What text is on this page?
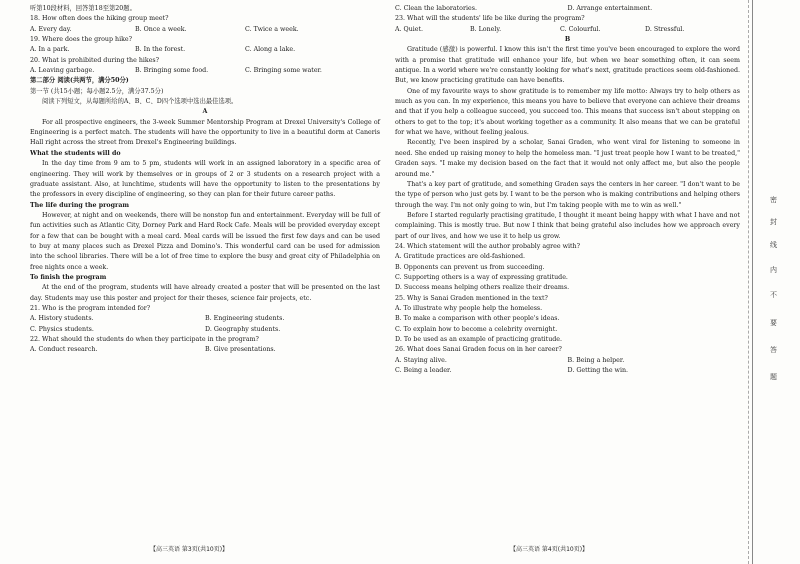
听第10段材料，回答第18至第20题。
18. How often does the hiking group meet?
A. Every day.	B. Once a week.	C. Twice a week.
19. Where does the group hike?
A. In a park.	B. In the forest.	C. Along a lake.
20. What is prohibited during the hikes?
A. Leaving garbage.	B. Bringing some food.	C. Bringing some water.
第二部分 阅读(共两节，满分50分)
第一节 (共15小题；每小题2.5分，满分37.5分)
阅读下列短文，从每题所给的A、B、C、D四个选项中选出最佳选项。
A
For all prospective engineers, the 3-week Summer Mentorship Program at Drexel University's College of Engineering is a perfect match. The students will have the opportunity to live in a beautiful dorm at Caneris Hall right across the street from Drexel's Engineering buildings.
What the students will do
In the day time from 9 am to 5 pm, students will work in an assigned laboratory in a specific area of engineering. They will work by themselves or in groups of 2 or 3 students on a research project with a graduate assistant. Also, at lunchtime, students will have the opportunity to listen to the presentations by the professors in every discipline of engineering, so they can plan for their future career paths.
The life during the program
However, at night and on weekends, there will be nonstop fun and entertainment. Everyday will be full of fun activities such as Atlantic City, Dorney Park and Hard Rock Cafe. Meals will be provided everyday except for a few that can be bought with a meal card. Meal cards will be issued the first few days and can be used to buy at many places such as Drexel Pizza and Domino's. This wonderful card can be used for admission into the school libraries. There will be a lot of free time to explore the busy and great city of Philadelphia on free nights once a week.
To finish the program
At the end of the program, students will have already created a poster that will be presented on the last day. Students may use this poster and project for their theses, science fair projects, etc.
21. Who is the program intended for?
A. History students.	B. Engineering students.
C. Physics students.	D. Geography students.
22. What should the students do when they participate in the program?
A. Conduct research.	B. Give presentations.
C. Clean the laboratories.	D. Arrange entertainment.
23. What will the students' life be like during the program?
A. Quiet.	B. Lonely.	C. Colourful.	D. Stressful.
B
Gratitude (感激) is powerful. I know this isn't the first time you've been encouraged to explore the word with a promise that gratitude will enhance your life, but when we hear something often, it can seem antique. In a world where we're constantly looking for what's next, gratitude practices seem old-fashioned. But, we know practicing gratitude can have benefits.
One of my favourite ways to show gratitude is to remember my life motto: Always try to help others as much as you can. In my experience, this means you have to believe that everyone can achieve their dreams and that if you help a colleague succeed, you succeed too. This means that success isn't about stepping on others to get to the top; it's about working together as a community. It also means that we can be grateful for what we have, without feeling jealous.
Recently, I've been inspired by a scholar, Sanai Graden, who went viral for listening to someone in need. She ended up raising money to help the homeless man. "I just treat people how I want to be treated," Graden says. "I make my decision based on the fact that it would not only affect me, but also the people around me."
That's a key part of gratitude, and something Graden says the centers in her career. "I don't want to be the type of person who just gets by. I want to be the person who is making contributions and helping others through the way. I'm not only going to win, but I'm taking people with me to win as well."
Before I started regularly practising gratitude, I thought it meant being happy with what I have and not complaining. This is mostly true. But now I think that being grateful also includes how we approach every part of our lives, and how we use it to help us grow.
24. Which statement will the author probably agree with?
A. Gratitude practices are old-fashioned.
B. Opponents can prevent us from succeeding.
C. Supporting others is a way of expressing gratitude.
D. Success means helping others realize their dreams.
25. Why is Sanai Graden mentioned in the text?
A. To illustrate why people help the homeless.
B. To make a comparison with other people's ideas.
C. To explain how to become a celebrity overnight.
D. To be used as an example of practicing gratitude.
26. What does Sanai Graden focus on in her career?
A. Staying alive.	B. Being a helper.
C. Being a leader.	D. Getting the win.
【高三英语 第3页(共10页)】	【高三英语 第4页(共10页)】
密
封
线
内
不
要
答
题
